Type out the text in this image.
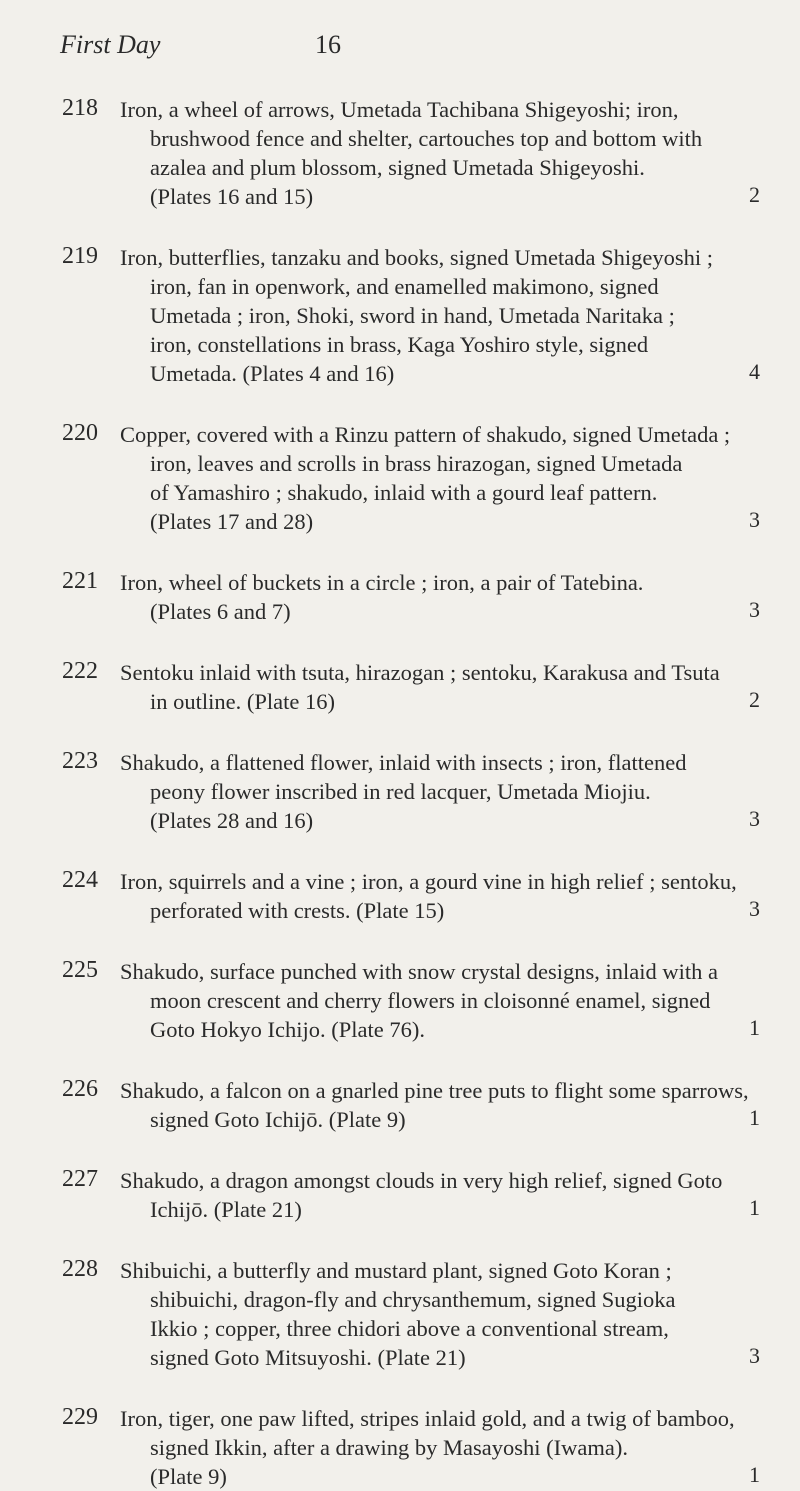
First Day	16
218 Iron, a wheel of arrows, Umetada Tachibana Shigeyoshi; iron,
brushwood fence and shelter, cartouches top and bottom with
azalea and plum blossom, signed Umetada Shigeyoshi.
(Plates 16 and 15)	2
219 Iron, butterflies, tanzaku and books, signed Umetada Shigeyoshi ;
iron, fan in openwork, and enamelled makimono, signed
Umetada ; iron, Shoki, sword in hand, Umetada Naritaka ;
iron, constellations in brass, Kaga Yoshiro style, signed
Umetada. (Plates 4 and 16)	4
220 Copper, covered with a Rinzu pattern of shakudo, signed Umetada ;
iron, leaves and scrolls in brass hirazogan, signed Umetada
of Yamashiro ; shakudo, inlaid with a gourd leaf pattern.
(Plates 17 and 28)	3
221 Iron, wheel of buckets in a circle ; iron, a pair of Tatebina.
(Plates 6 and 7)	3
222 Sentoku inlaid with tsuta, hirazogan ; sentoku, Karakusa and Tsuta
in outline. (Plate 16)	2
223 Shakudo, a flattened flower, inlaid with insects ; iron, flattened
peony flower inscribed in red lacquer, Umetada Miojiu.
(Plates 28 and 16)	3
224 Iron, squirrels and a vine ; iron, a gourd vine in high relief ; sentoku,
perforated with crests. (Plate 15)	3
225 Shakudo, surface punched with snow crystal designs, inlaid with a
moon crescent and cherry flowers in cloisonné enamel, signed
Goto Hokyo Ichijo. (Plate 76).	1
226 Shakudo, a falcon on a gnarled pine tree puts to flight some sparrows,
signed Goto Ichijō. (Plate 9)	1
227 Shakudo, a dragon amongst clouds in very high relief, signed Goto
Ichijō. (Plate 21)	1
228 Shibuichi, a butterfly and mustard plant, signed Goto Koran ;
shibuichi, dragon-fly and chrysanthemum, signed Sugioka
Ikkio ; copper, three chidori above a conventional stream,
signed Goto Mitsuyoshi. (Plate 21)	3
229 Iron, tiger, one paw lifted, stripes inlaid gold, and a twig of bamboo,
signed Ikkin, after a drawing by Masayoshi (Iwama).
(Plate 9)	1
